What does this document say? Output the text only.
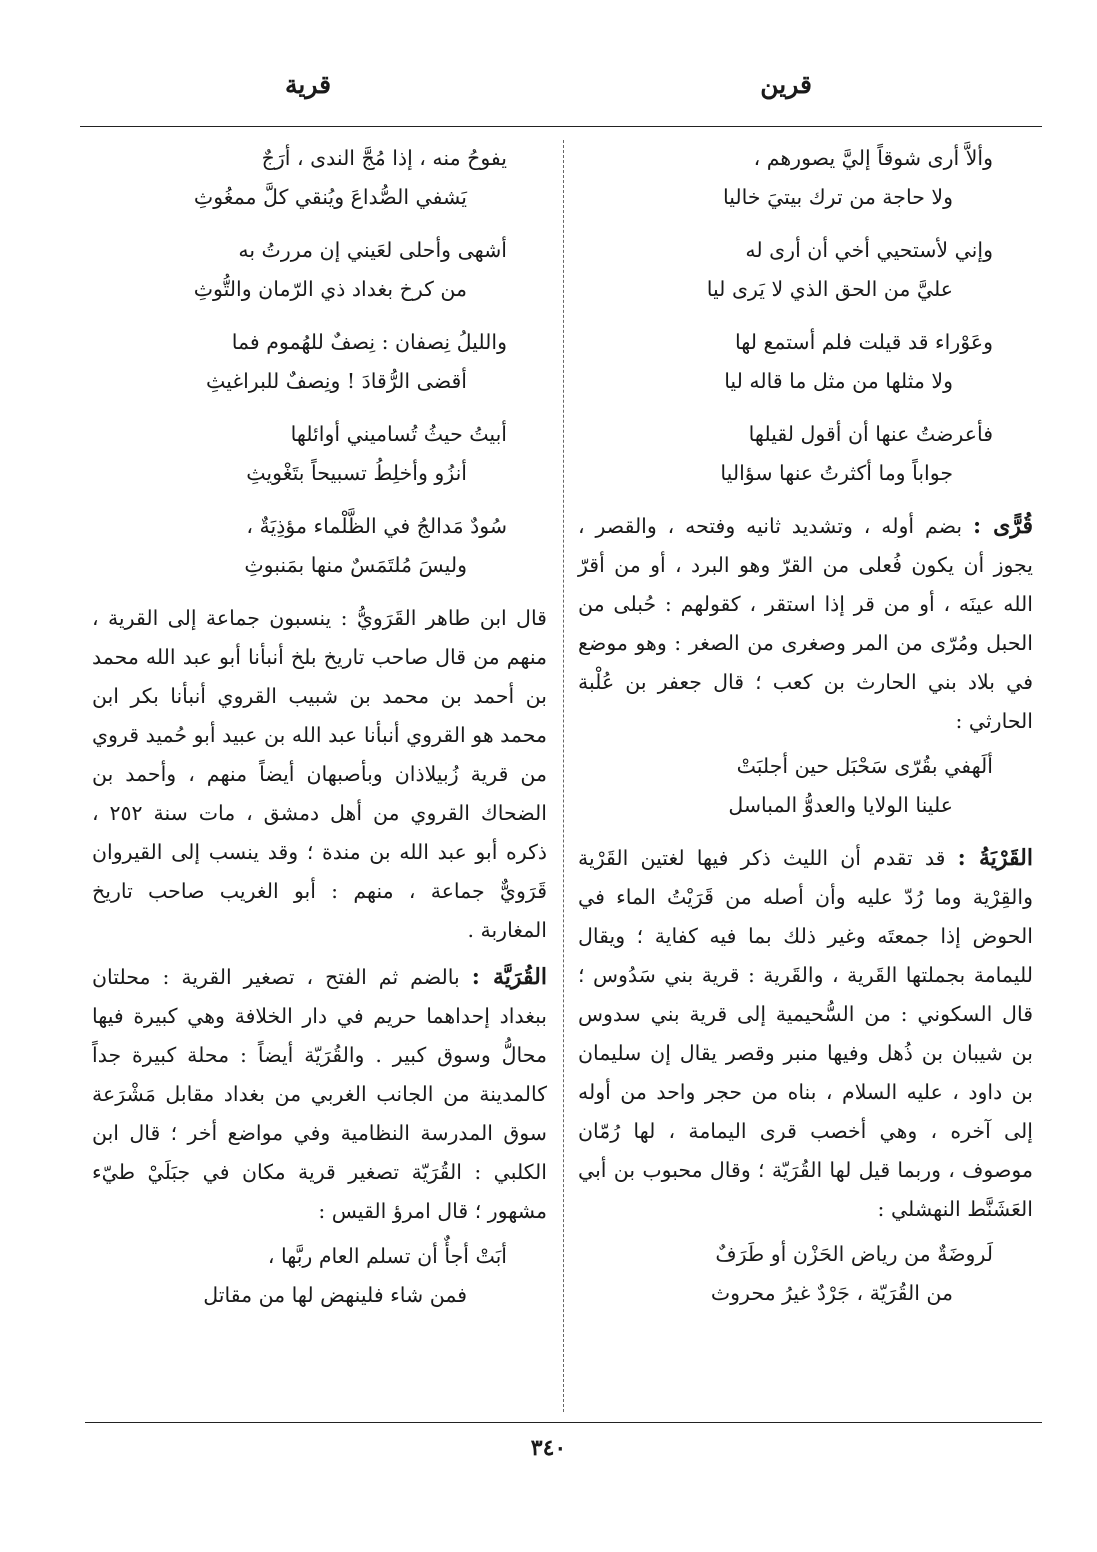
قرين
قرية
وألاَّ أرى شوقاً إليَّ يصورهم ،
ولا حاجة من ترك بيتيَ خاليا
وإني لأستحيي أخي أن أرى له
عليَّ من الحق الذي لا يَرى ليا
وعَوْراء قد قيلت فلم أستمع لها
ولا مثلها من مثل ما قاله ليا
فأعرضتُ عنها أن أقول لقيلها
جواباً وما أكثرتُ عنها سؤاليا

قُرًّى : بضم أوله ، وتشديد ثانيه وفتحه ، والقصر ، يجوز أن يكون فُعلى من القرّ وهو البرد ، أو من أقرّ الله عينَه ، أو من قر إذا استقر ، كقولهم : حُبلى من الحبل ومُرّى من المر وصغرى من الصغر : وهو موضع في بلاد بني الحارث بن كعب ؛ قال جعفر بن عُلْبة الحارثي :

ألَهفي بقُرّى سَحْبَل حين أجلبَتْ
علينا الولايا والعدوُّ المباسل

القَرْيَةُ : قد تقدم أن الليث ذكر فيها لغتين القَرْية والقِرْية وما رُدّ عليه وأن أصله من قَرَيْتُ الماء في الحوض إذا جمعتَه وغير ذلك بما فيه كفاية ؛ ويقال لليمامة بجملتها القَرية ، والقَرية : قرية بني سَدُوس ؛ قال السكوني : من السُّحيمية إلى قرية بني سدوس بن شيبان بن ذُهل وفيها منبر وقصر يقال إن سليمان بن داود ، عليه السلام ، بناه من حجر واحد من أوله إلى آخره ، وهي أخصب قرى اليمامة ، لها رُمّان موصوف ، وربما قيل لها القُرَيّة ؛ وقال محبوب بن أبي العَشَنَّط النهشلي :

لَروضَةٌ من رياض الحَزْن أو طَرَفٌ
من القُرَيّة ، جَرْدٌ غيرُ محروث
يفوحُ منه ، إذا مُجَّ الندى ، أرَجٌ
يَشفي الصُّداعَ ويُنقي كلَّ ممغُوثِ
أشهى وأحلى لعَيني إن مررتُ به
من كرخ بغداد ذي الرّمان والتُّوثِ
والليلُ نِصفان : نِصفٌ للهُموم فما
أقضى الرُّقادَ ! ونِصفٌ للبراغيثِ
أبيتُ حيثُ تُساميني أوائلها
أنزُو وأخلِطُ تسبيحاً بتَغْويثِ
سُودٌ مَدالجُ في الظَّلْماء مؤذِيَةٌ ،
وليسَ مُلتَمَسٌ منها بمَنبوثِ

قال ابن طاهر القَرَويُّ : ينسبون جماعة إلى القرية ، منهم من قال صاحب تاريخ بلخ أنبأنا أبو عبد الله محمد بن أحمد بن محمد بن شبيب القروي أنبأنا بكر ابن محمد هو القروي أنبأنا عبد الله بن عبيد أبو حُميد قروي من قرية زُبيلاذان وبأصبهان أيضاً منهم ، وأحمد بن الضحاك القروي من أهل دمشق ، مات سنة ٢٥٢ ، ذكره أبو عبد الله بن مندة ؛ وقد ينسب إلى القيروان قَرَويٌّ جماعة ، منهم : أبو الغريب صاحب تاريخ المغاربة .

القُرَيَّة : بالضم ثم الفتح ، تصغير القرية : محلتان ببغداد إحداهما حريم في دار الخلافة وهي كبيرة فيها محالُّ وسوق كبير . والقُرَيّة أيضاً : محلة كبيرة جداً كالمدينة من الجانب الغربي من بغداد مقابل مَشْرَعة سوق المدرسة النظامية وفي مواضع أخر ؛ قال ابن الكلبي : القُرَيّة تصغير قرية مكان في جبَلَيْ طيّء مشهور ؛ قال امرؤ القيس :

أبَتْ أجأٌ أن تسلم العام ربَّها ،
فمن شاء فلينهض لها من مقاتل
٣٤٠
